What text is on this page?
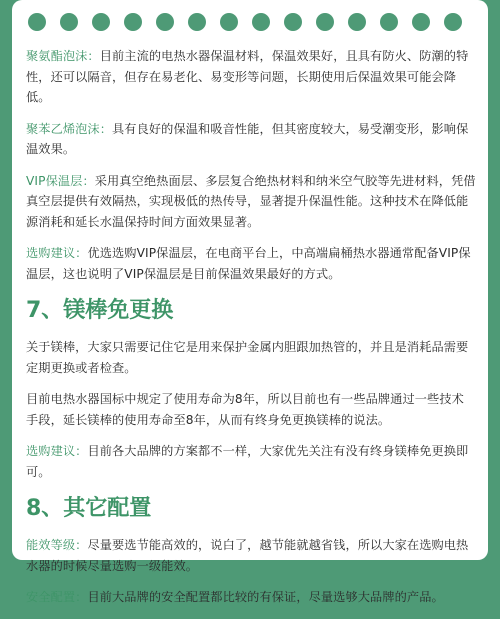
聚氨酯泡沫：目前主流的电热水器保温材料，保温效果好，且具有防火、防潮的特性，还可以隔音，但存在易老化、易变形等问题，长期使用后保温效果可能会降低。

聚苯乙烯泡沫：具有良好的保温和吸音性能，但其密度较大，易受潮变形，影响保温效果。

VIP保温层：采用真空绝热面层、多层复合绝热材料和纳米空气胶等先进材料，凭借真空层提供有效隔热，实现极低的热传导，显著提升保温性能。这种技术在降低能源消耗和延长水温保持时间方面效果显著。

选购建议：优选选购VIP保温层，在电商平台上，中高端扁桶热水器通常配备VIP保温层，这也说明了VIP保温层是目前保温效果最好的方式。

7、镁棒免更换

关于镁棒，大家只需要记住它是用来保护金属内胆跟加热管的，并且是消耗品需要定期更换或者检查。

目前电热水器国标中规定了使用寿命为8年，所以目前也有一些品牌通过一些技术手段，延长镁棒的使用寿命至8年，从而有终身免更换镁棒的说法。

选购建议：目前各大品牌的方案都不一样，大家优先关注有没有终身镁棒免更换即可。

8、其它配置

能效等级：尽量要选节能高效的，说白了，越节能就越省钱，所以大家在选购电热水器的时候尽量选购一级能效。

安全配置：目前大品牌的安全配置都比较的有保证，尽量选够大品牌的产品。
